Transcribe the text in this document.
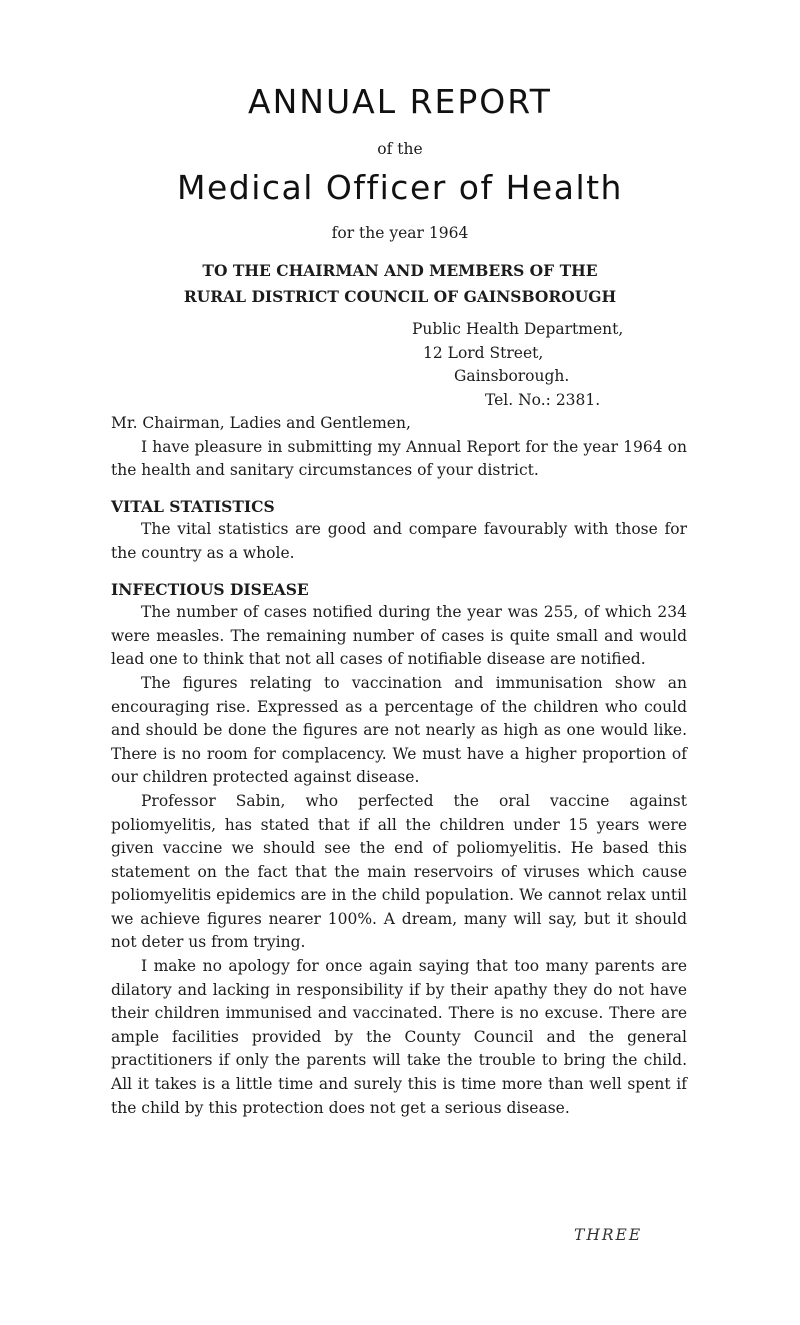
ANNUAL REPORT
of the
Medical Officer of Health
for the year 1964
TO THE CHAIRMAN AND MEMBERS OF THE
RURAL DISTRICT COUNCIL OF GAINSBOROUGH
Public Health Department,
12 Lord Street,
Gainsborough.
Tel. No.: 2381.

Mr. Chairman, Ladies and Gentlemen,

I have pleasure in submitting my Annual Report for the year 1964 on the health and sanitary circumstances of your district.

VITAL STATISTICS

The vital statistics are good and compare favourably with those for the country as a whole.

INFECTIOUS DISEASE

The number of cases notified during the year was 255, of which 234 were measles. The remaining number of cases is quite small and would lead one to think that not all cases of notifiable disease are notified.

The figures relating to vaccination and immunisation show an encouraging rise. Expressed as a percentage of the children who could and should be done the figures are not nearly as high as one would like. There is no room for complacency. We must have a higher proportion of our children protected against disease.

Professor Sabin, who perfected the oral vaccine against poliomyelitis, has stated that if all the children under 15 years were given vaccine we should see the end of poliomyelitis. He based this statement on the fact that the main reservoirs of viruses which cause poliomyelitis epidemics are in the child population. We cannot relax until we achieve figures nearer 100%. A dream, many will say, but it should not deter us from trying.

I make no apology for once again saying that too many parents are dilatory and lacking in responsibility if by their apathy they do not have their children immunised and vaccinated. There is no excuse. There are ample facilities provided by the County Council and the general practitioners if only the parents will take the trouble to bring the child. All it takes is a little time and surely this is time more than well spent if the child by this protection does not get a serious disease.

THREE
